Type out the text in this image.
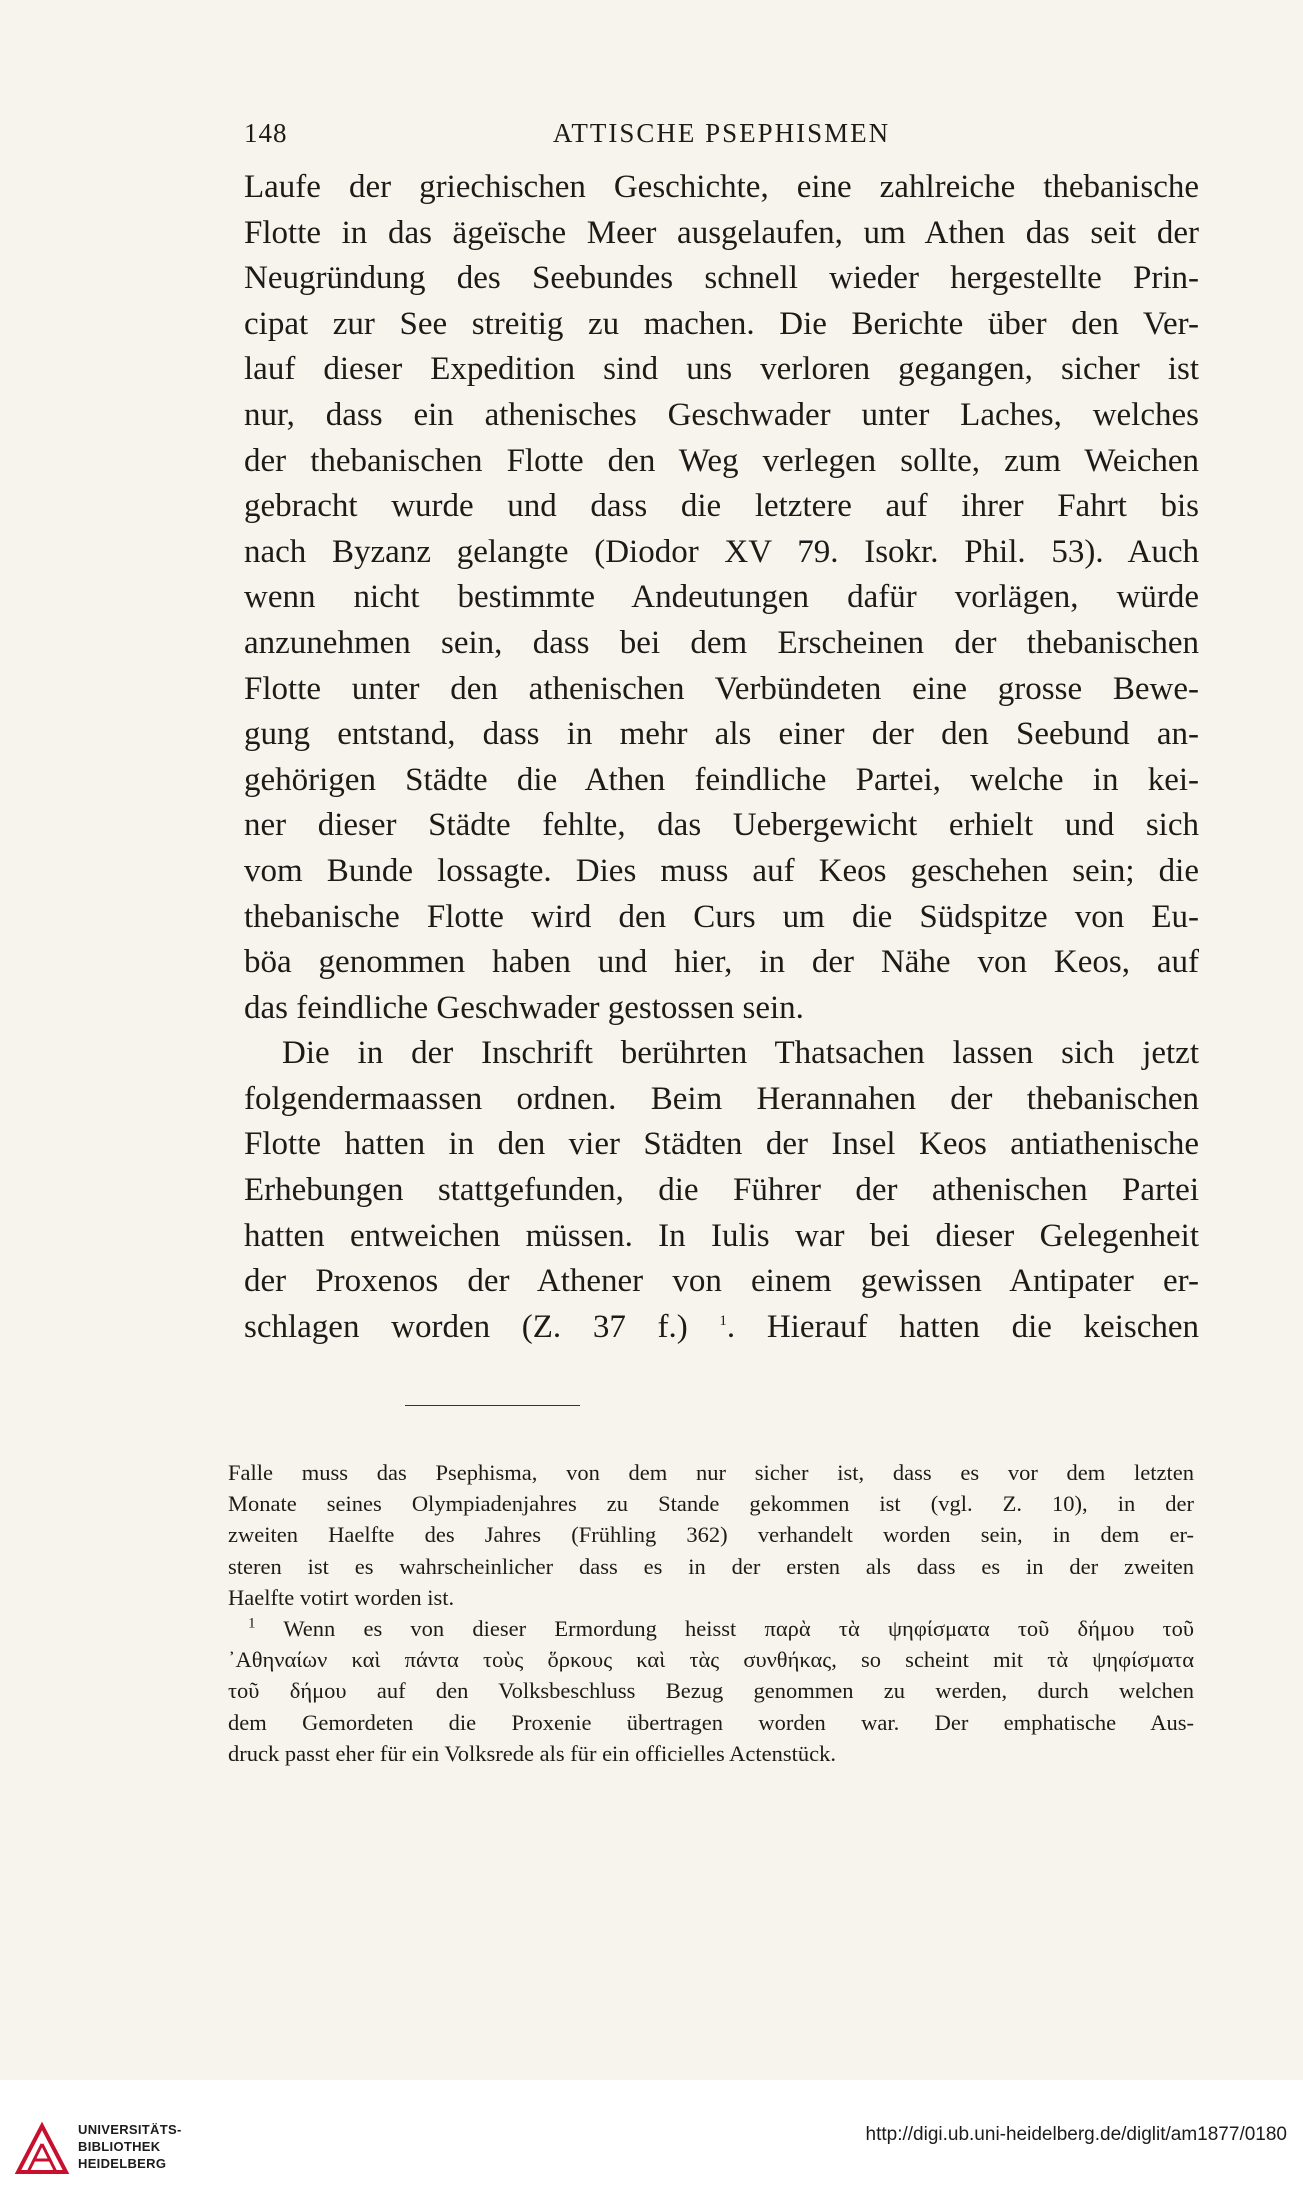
148	ATTISCHE PSEPHISMEN
Laufe der griechischen Geschichte, eine zahlreiche thebanische
Flotte in das ägeïsche Meer ausgelaufen, um Athen das seit der
Neugründung des Seebundes schnell wieder hergestellte Prin-
cipat zur See streitig zu machen. Die Berichte über den Ver-
lauf dieser Expedition sind uns verloren gegangen, sicher ist
nur, dass ein athenisches Geschwader unter Laches, welches
der thebanischen Flotte den Weg verlegen sollte, zum Weichen
gebracht wurde und dass die letztere auf ihrer Fahrt bis
nach Byzanz gelangte (Diodor XV 79. Isokr. Phil. 53). Auch
wenn nicht bestimmte Andeutungen dafür vorlägen, würde
anzunehmen sein, dass bei dem Erscheinen der thebanischen
Flotte unter den athenischen Verbündeten eine grosse Bewe-
gung entstand, dass in mehr als einer der den Seebund an-
gehörigen Städte die Athen feindliche Partei, welche in kei-
ner dieser Städte fehlte, das Uebergewicht erhielt und sich
vom Bunde lossagte. Dies muss auf Keos geschehen sein; die
thebanische Flotte wird den Curs um die Südspitze von Eu-
böa genommen haben und hier, in der Nähe von Keos, auf
das feindliche Geschwader gestossen sein.
Die in der Inschrift berührten Thatsachen lassen sich jetzt
folgendermaassen ordnen. Beim Herannahen der thebanischen
Flotte hatten in den vier Städten der Insel Keos antiathenische
Erhebungen stattgefunden, die Führer der athenischen Partei
hatten entweichen müssen. In Iulis war bei dieser Gelegenheit
der Proxenos der Athener von einem gewissen Antipater er-
schlagen worden (Z. 37 f.) $^1$. Hierauf hatten die keischen
Falle muss das Psephisma, von dem nur sicher ist, dass es vor dem letzten
Monate seines Olympiadenjahres zu Stande gekommen ist (vgl. Z. 10), in der
zweiten Haelfte des Jahres (Frühling 362) verhandelt worden sein, in dem er-
steren ist es wahrscheinlicher dass es in der ersten als dass es in der zweiten
Haelfte votirt worden ist.
$^1$ Wenn es von dieser Ermordung heisst παρὰ τὰ ψηφίσματα τοῦ δήμου τοῦ
᾿Αθηναίων καὶ πάντα τοὺς ὅρκους καὶ τὰς συνθήκας, so scheint mit τὰ ψηφίσματα
τοῦ δήμου auf den Volksbeschluss Bezug genommen zu werden, durch welchen
dem Gemordeten die Proxenie übertragen worden war. Der emphatische Aus-
druck passt eher für ein Volksrede als für ein officielles Actenstück.
UNIVERSITÄTS-
BIBLIOTHEK
HEIDELBERG
http://digi.ub.uni-heidelberg.de/diglit/am1877/0180
